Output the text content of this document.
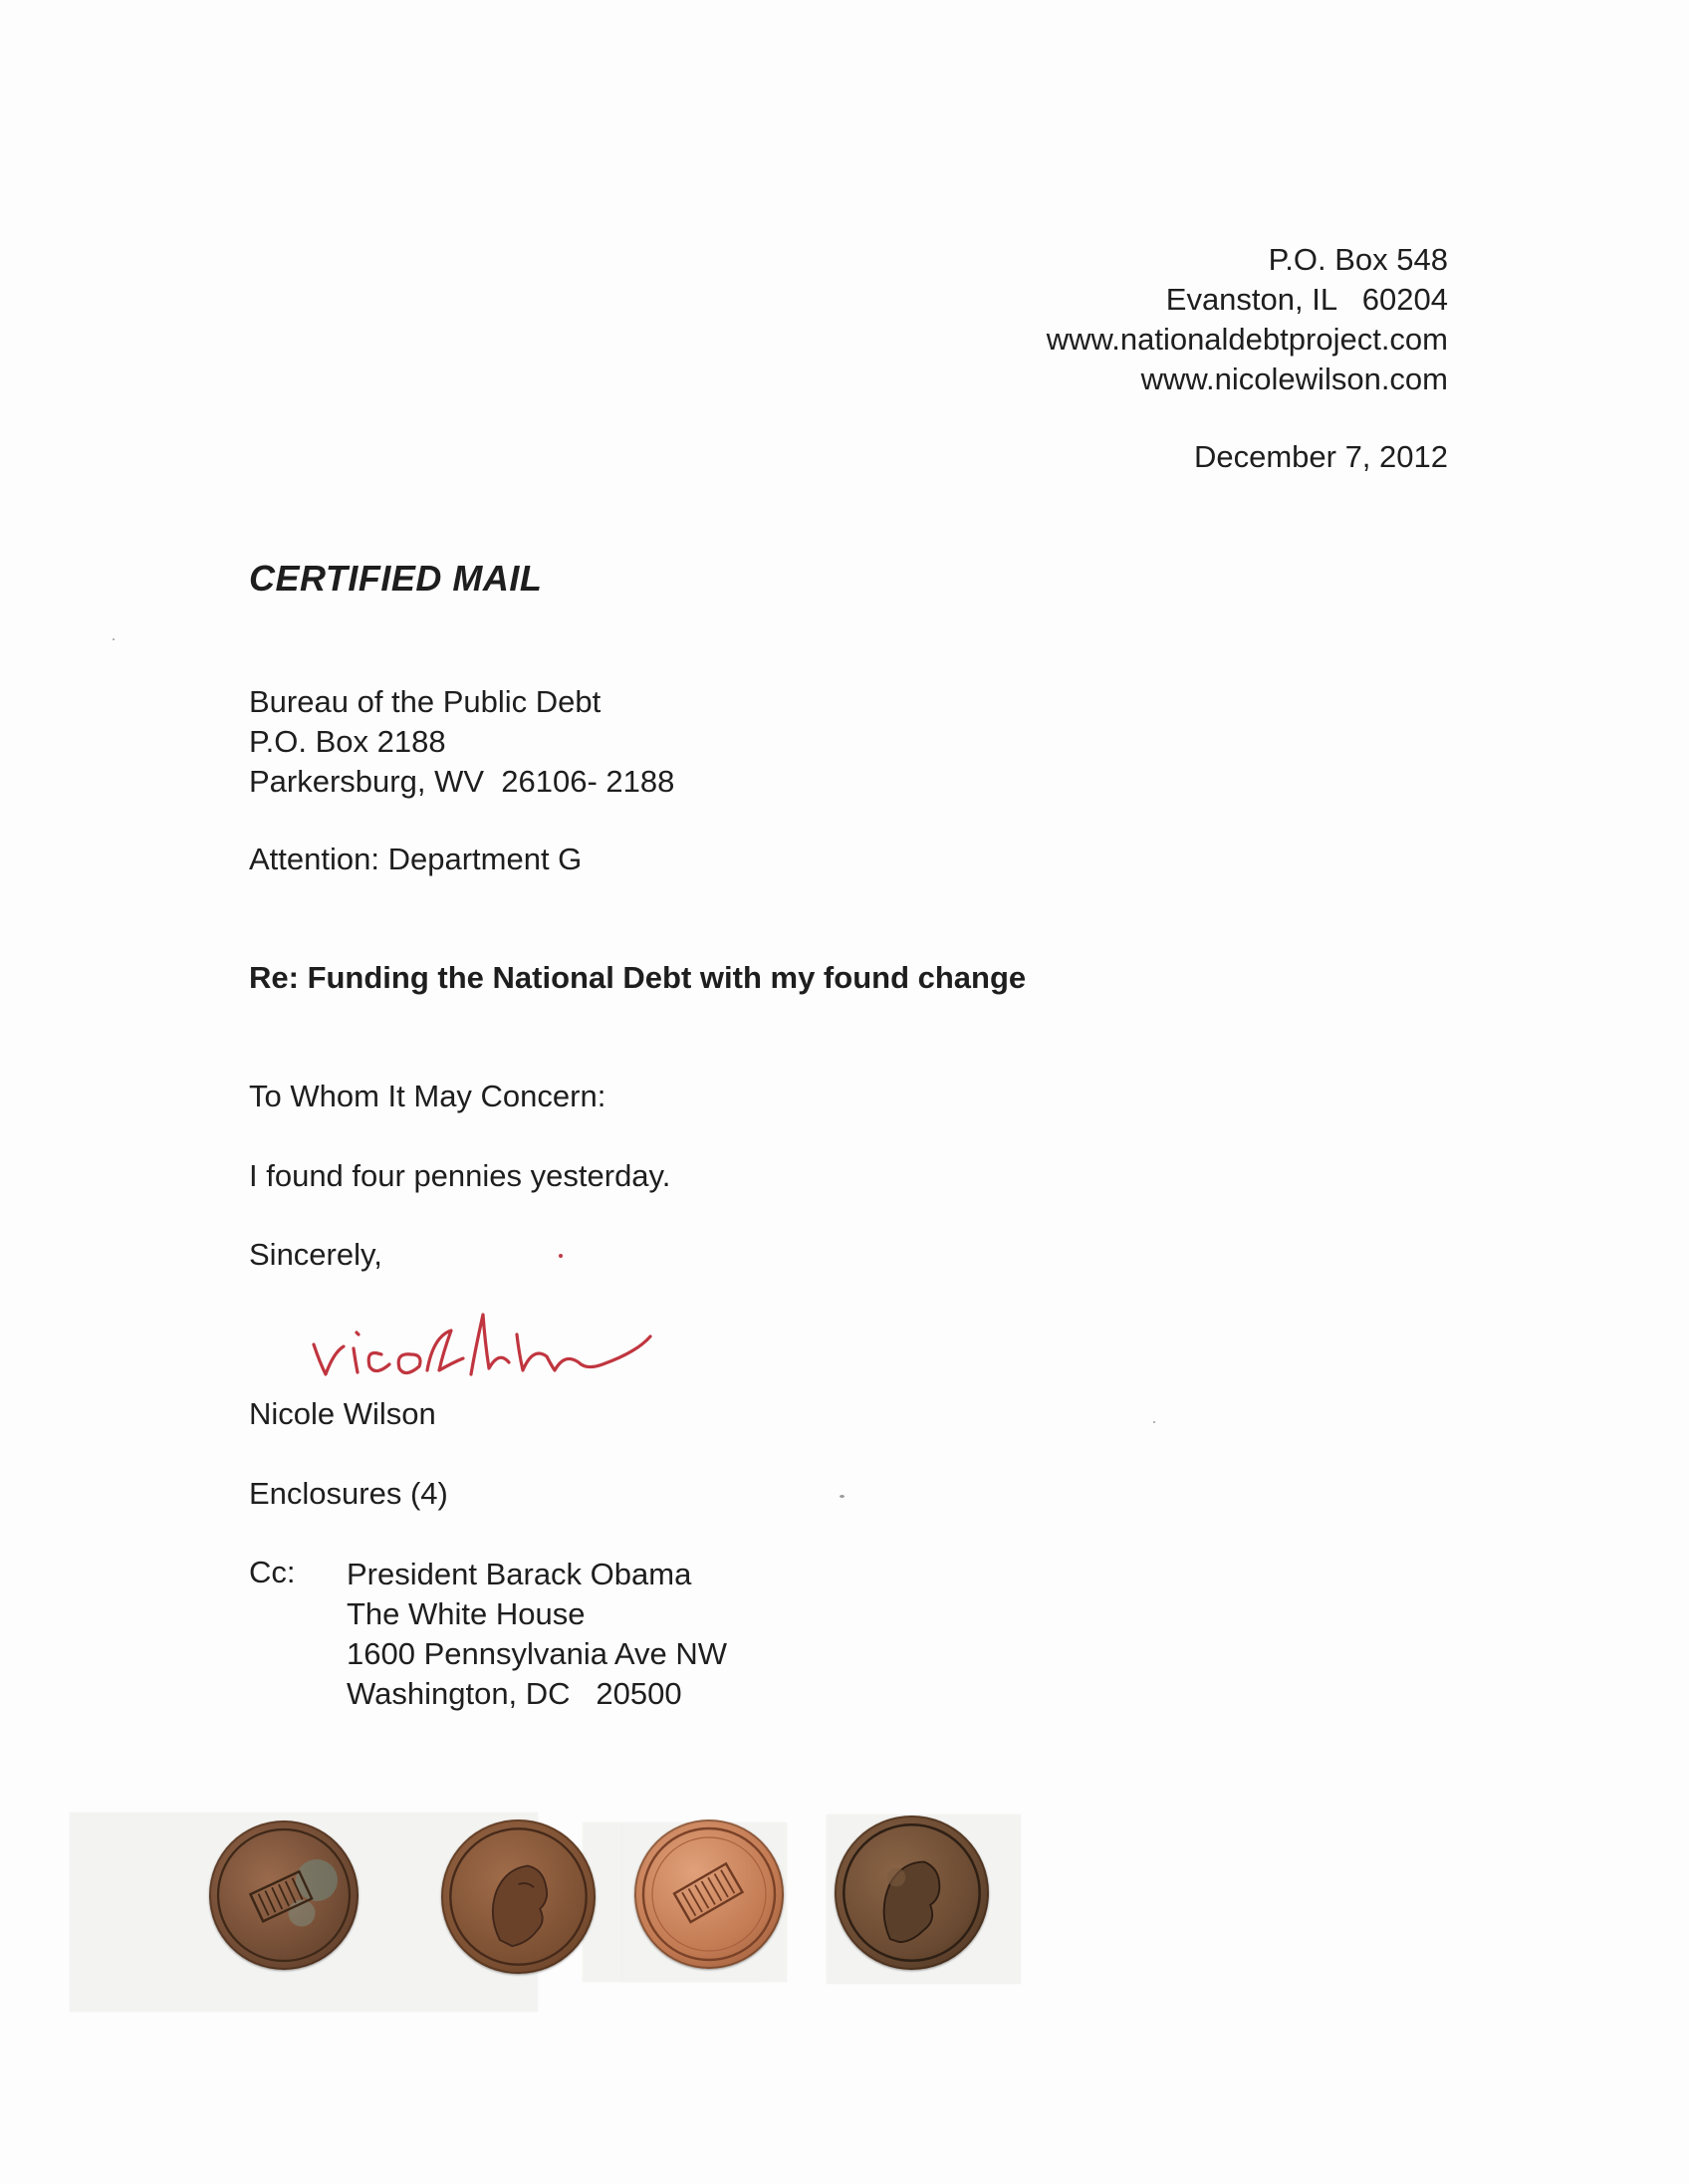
P.O. Box 548
Evanston, IL   60204
www.nationaldebtproject.com
www.nicolewilson.com
December 7, 2012
CERTIFIED MAIL
Bureau of the Public Debt
P.O. Box 2188
Parkersburg, WV  26106- 2188
Attention: Department G
Re: Funding the National Debt with my found change
To Whom It May Concern:
I found four pennies yesterday.
Sincerely,
Nicole Wilson
Enclosures (4)
Cc: President Barack Obama
The White House
1600 Pennsylvania Ave NW
Washington, DC   20500
